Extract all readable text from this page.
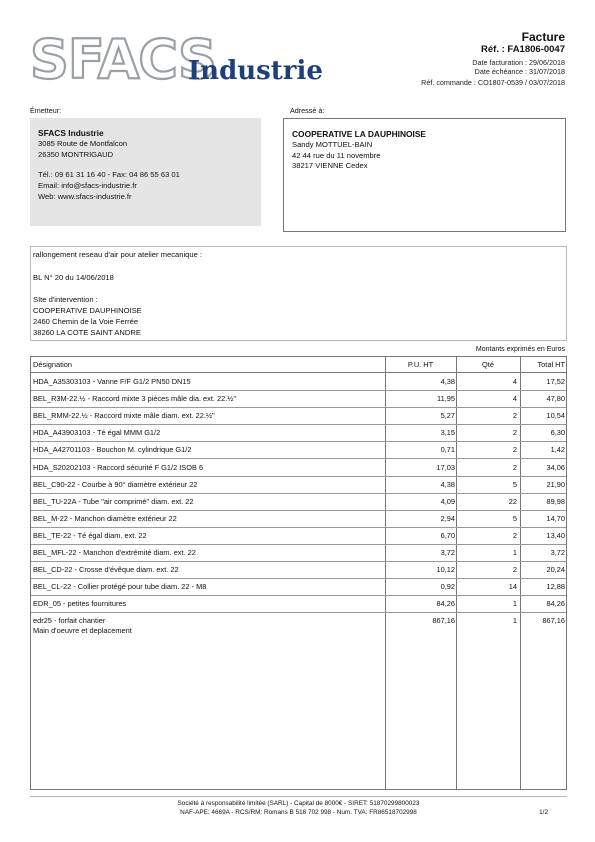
SFACS
Industrie
Facture
Réf. : FA1806-0047
Date facturation : 29/06/2018
Date échéance : 31/07/2018
Réf. commande : CO1807-0539 / 03/07/2018
Émetteur:
SFACS Industrie
3085 Route de Montfalcon
26350 MONTRIGAUD
Tél.: 09 61 31 16 40 - Fax: 04 86 55 63 01
Email: info@sfacs-industrie.fr
Web: www.sfacs-industrie.fr
Adressé à:
COOPERATIVE LA DAUPHINOISE
Sandy MOTTUEL-BAIN
42 44 rue du 11 novembre
38217 VIENNE Cedex
rallongement reseau d'air pour atelier mecanique :
BL N° 20 du 14/06/2018
SIte d'intervention :
COOPERATIVE DAUPHINOISE
2460 Chemin de la Voie Ferrée
38260 LA COTE SAINT ANDRE
Montants exprimés en Euros
Désignation	P.U. HT	Qté	Total HT
HDA_A35303103 - Vanne F/F G1/2 PN50 DN15	4,38	4	17,52
BEL_R3M-22.½ - Raccord mixte 3 pièces mâle dia. ext. 22.½"	11,95	4	47,80
BEL_RMM-22.½ - Raccord mixte mâle diam. ext. 22.½"	5,27	2	10,54
HDA_A43903103 - Té égal MMM G1/2	3,15	2	6,30
HDA_A42701103 - Bouchon M. cylindrique G1/2	0,71	2	1,42
HDA_S20202103 - Raccord sécurité F G1/2 ISOB 6	17,03	2	34,06
BEL_C90-22 - Courbe à 90° diamètre extérieur 22	4,38	5	21,90
BEL_TU-22A - Tube "air comprimé" diam. ext. 22	4,09	22	89,98
BEL_M-22 - Manchon diamètre extérieur 22	2,94	5	14,70
BEL_TE-22 - Té égal diam. ext. 22	6,70	2	13,40
BEL_MFL-22 - Manchon d'extrémité diam. ext. 22	3,72	1	3,72
BEL_CD-22 - Crosse d'évêque diam. ext. 22	10,12	2	20,24
BEL_CL-22 - Collier protégé pour tube diam. 22 - M8	0,92	14	12,88
EDR_05 - petites fournitures	84,26	1	84,26
edr25 - forfait chantier
Main d'oeuvre et deplacement
867,16	1	867,16
Société à responsabilité limitée (SARL) - Capital de 8000€ - SIRET: 51870299800023
NAF-APE: 4669A - RCS/RM: Romans B 518 702 998 - Num. TVA: FR86518702998	1/2
